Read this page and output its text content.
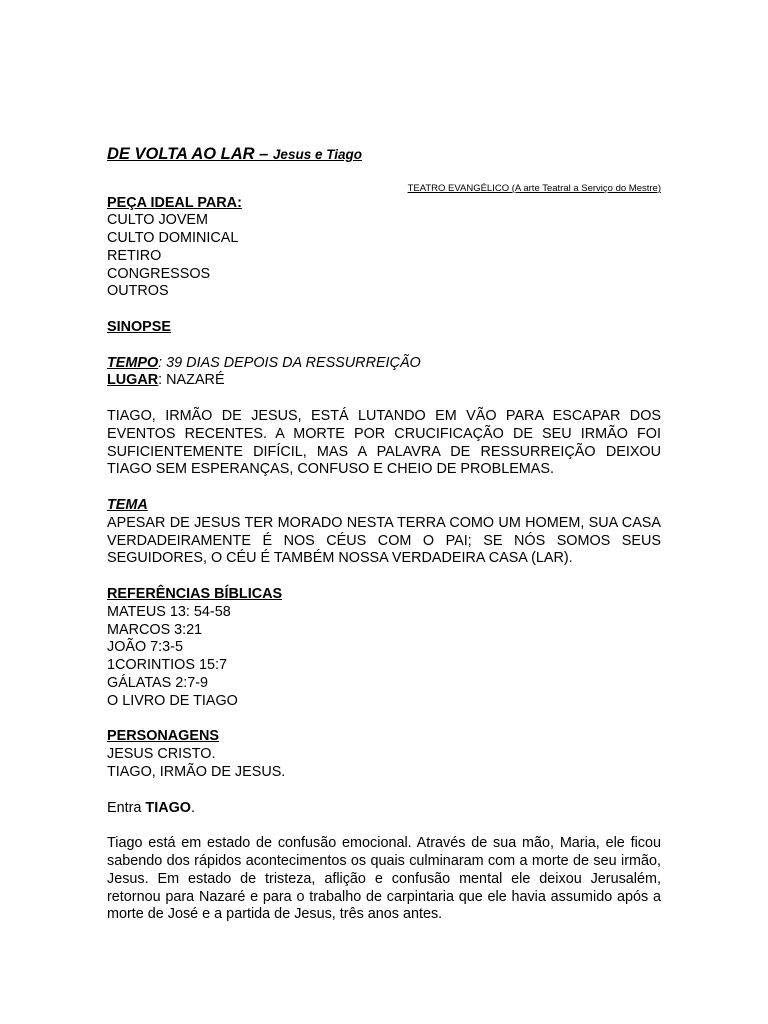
DE VOLTA AO LAR – Jesus e Tiago
TEATRO EVANGÉLICO (A arte Teatral a Serviço do Mestre)
PEÇA IDEAL PARA:
CULTO JOVEM
CULTO DOMINICAL
RETIRO
CONGRESSOS
OUTROS
SINOPSE
TEMPO: 39 DIAS DEPOIS DA RESSURREIÇÃO
LUGAR: NAZARÉ

TIAGO, IRMÃO DE JESUS, ESTÁ LUTANDO EM VÃO PARA ESCAPAR DOS EVENTOS RECENTES. A MORTE POR CRUCIFICAÇÃO DE SEU IRMÃO FOI SUFICIENTEMENTE DIFÍCIL, MAS A PALAVRA DE RESSURREIÇÃO DEIXOU TIAGO SEM ESPERANÇAS, CONFUSO E CHEIO DE PROBLEMAS.

TEMA

APESAR DE JESUS TER MORADO NESTA TERRA COMO UM HOMEM, SUA CASA VERDADEIRAMENTE É NOS CÉUS COM O PAI; SE NÓS SOMOS SEUS SEGUIDORES, O CÉU É TAMBÉM NOSSA VERDADEIRA CASA (LAR).

REFERÊNCIAS BÍBLICAS
MATEUS 13: 54-58
MARCOS 3:21
JOÃO 7:3-5
1CORINTIOS 15:7
GÁLATAS 2:7-9
O LIVRO DE TIAGO
PERSONAGENS
JESUS CRISTO.
TIAGO, IRMÃO DE JESUS.
Entra TIAGO.

Tiago está em estado de confusão emocional. Através de sua mão, Maria, ele ficou sabendo dos rápidos acontecimentos os quais culminaram com a morte de seu irmão, Jesus. Em estado de tristeza, aflição e confusão mental ele deixou Jerusalém, retornou para Nazaré e para o trabalho de carpintaria que ele havia assumido após a morte de José e a partida de Jesus, três anos antes.
